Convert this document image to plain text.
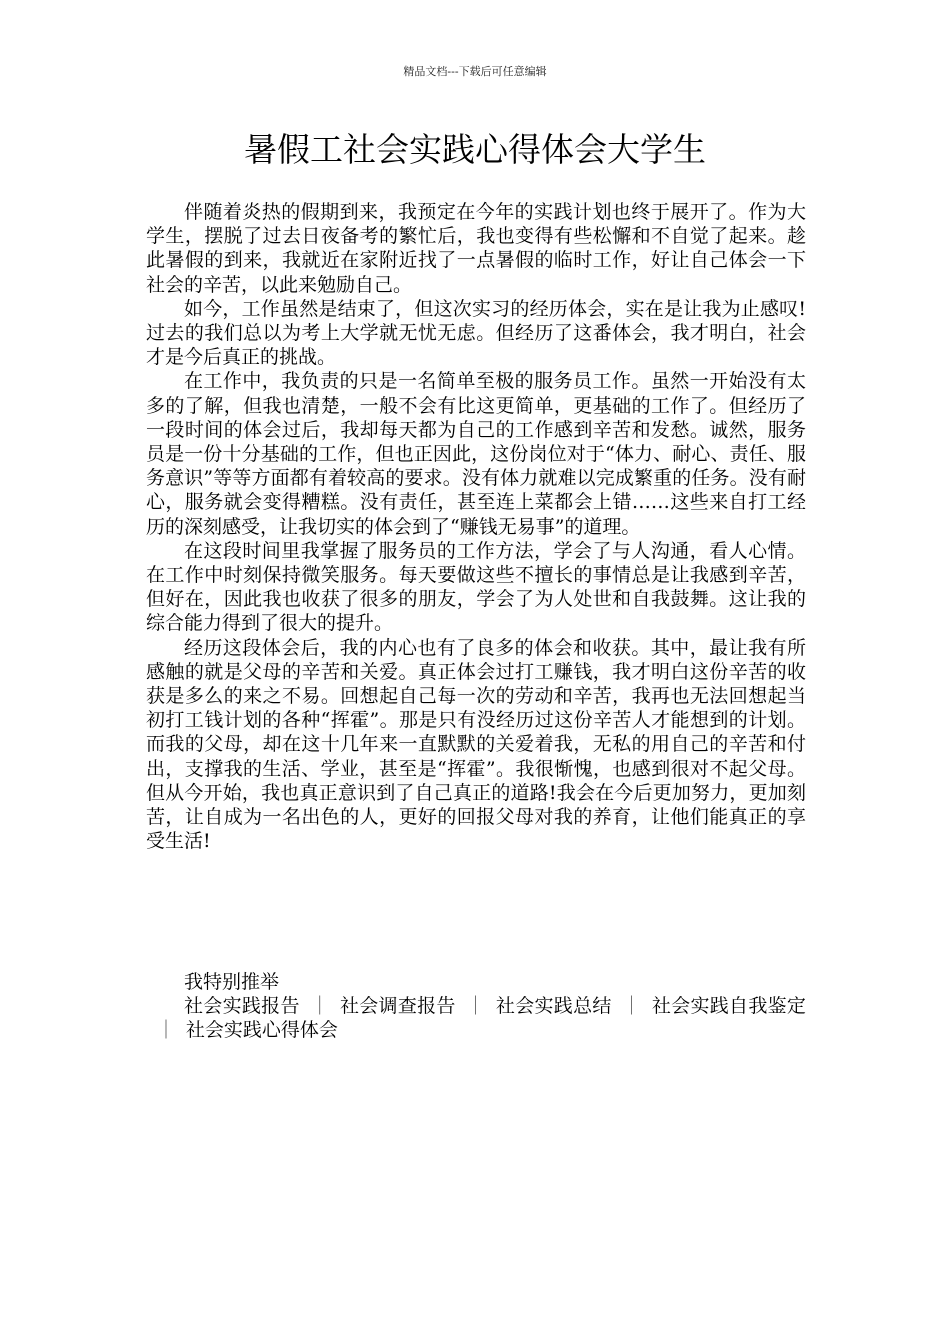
精品文档---下载后可任意编辑
暑假工社会实践心得体会大学生

伴随着炎热的假期到来，我预定在今年的实践计划也终于展开了。作为大学生，摆脱了过去日夜备考的繁忙后，我也变得有些松懈和不自觉了起来。趁此暑假的到来，我就近在家附近找了一点暑假的临时工作，好让自己体会一下社会的辛苦，以此来勉励自己。

如今，工作虽然是结束了，但这次实习的经历体会，实在是让我为止感叹!过去的我们总以为考上大学就无忧无虑。但经历了这番体会，我才明白，社会才是今后真正的挑战。

在工作中，我负责的只是一名简单至极的服务员工作。虽然一开始没有太多的了解，但我也清楚，一般不会有比这更简单，更基础的工作了。但经历了一段时间的体会过后，我却每天都为自己的工作感到辛苦和发愁。诚然，服务员是一份十分基础的工作，但也正因此，这份岗位对于“体力、耐心、责任、服务意识”等等方面都有着较高的要求。没有体力就难以完成繁重的任务。没有耐心，服务就会变得糟糕。没有责任，甚至连上菜都会上错……这些来自打工经历的深刻感受，让我切实的体会到了“赚钱无易事”的道理。

在这段时间里我掌握了服务员的工作方法，学会了与人沟通，看人心情。在工作中时刻保持微笑服务。每天要做这些不擅长的事情总是让我感到辛苦，但好在，因此我也收获了很多的朋友，学会了为人处世和自我鼓舞。这让我的综合能力得到了很大的提升。

经历这段体会后，我的内心也有了良多的体会和收获。其中，最让我有所感触的就是父母的辛苦和关爱。真正体会过打工赚钱，我才明白这份辛苦的收获是多么的来之不易。回想起自己每一次的劳动和辛苦，我再也无法回想起当初打工钱计划的各种“挥霍”。那是只有没经历过这份辛苦人才能想到的计划。而我的父母，却在这十几年来一直默默的关爱着我，无私的用自己的辛苦和付出，支撑我的生活、学业，甚至是“挥霍”。我很惭愧，也感到很对不起父母。但从今开始，我也真正意识到了自己真正的道路!我会在今后更加努力，更加刻苦，让自成为一名出色的人，更好的回报父母对我的养育，让他们能真正的享受生活!

我特别推举

社会实践报告 ｜ 社会调查报告 ｜ 社会实践总结 ｜ 社会实践自我鉴定｜ 社会实践心得体会
